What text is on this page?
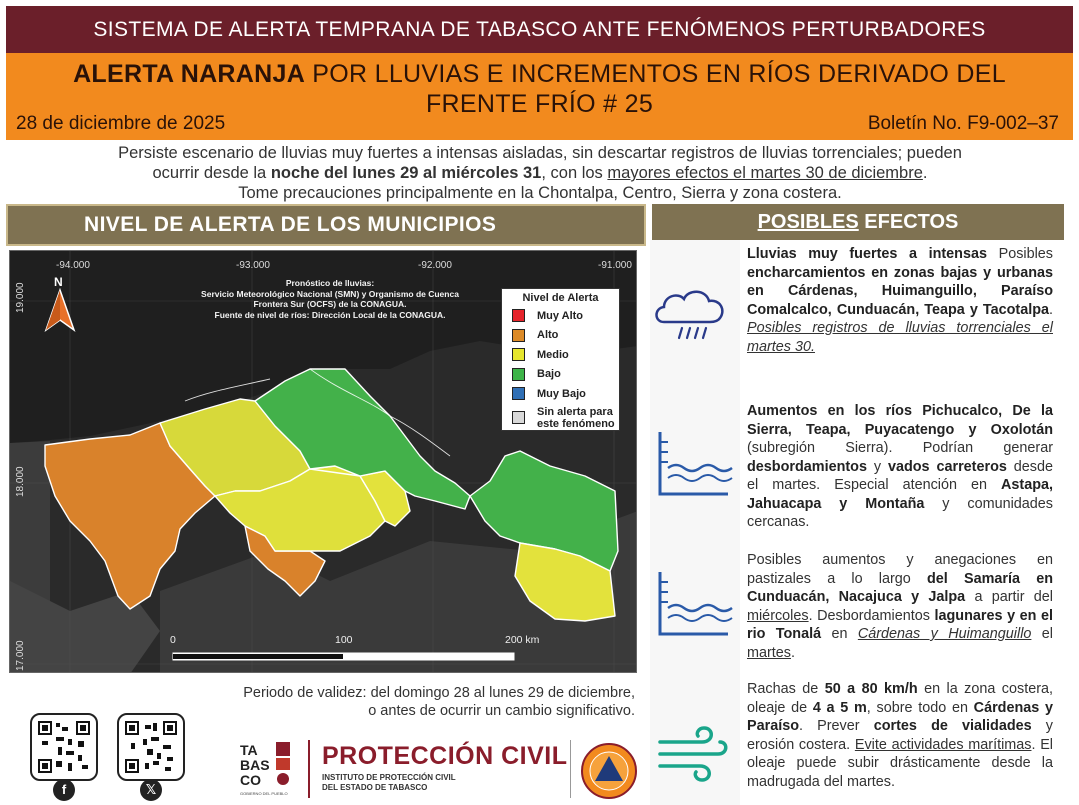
SISTEMA DE ALERTA TEMPRANA DE TABASCO ANTE FENÓMENOS PERTURBADORES
ALERTA NARANJA POR LLUVIAS E INCREMENTOS EN RÍOS DERIVADO DEL
FRENTE FRÍO # 25
28 de diciembre de 2025	Boletín No. F9-002–37
Persiste escenario de lluvias muy fuertes a intensas aisladas, sin descartar registros de lluvias torrenciales; pueden
ocurrir desde la noche del lunes 29 al miércoles 31, con los mayores efectos el martes 30 de diciembre.
Tome precauciones principalmente en la Chontalpa, Centro, Sierra y zona costera.
NIVEL DE ALERTA DE LOS MUNICIPIOS	POSIBLES EFECTOS
-94.000	-93.000	-92.000	-91.000
19.000
18.000
17.000
0	100	200 km
N	Pronóstico de lluvias:
Servicio Meteorológico Nacional (SMN) y Organismo de Cuenca
Frontera Sur (OCFS) de la CONAGUA.
Fuente de nivel de ríos: Dirección Local de la CONAGUA.
Nivel de Alerta
Muy Alto
Alto
Medio
Bajo
Muy Bajo
Sin alerta para
este fenómeno
Periodo de validez: del domingo 28 al lunes 29 de diciembre,
o antes de ocurrir un cambio significativo.
Lluvias muy fuertes a intensas Posibles encharcamientos en zonas bajas y urbanas en Cárdenas, Huimanguillo, Paraíso Comalcalco, Cunduacán, Teapa y Tacotalpa. Posibles registros de lluvias torrenciales el martes 30.
Aumentos en los ríos Pichucalco, De la Sierra, Teapa, Puyacatengo y Oxolotán (subregión Sierra). Podrían generar desbordamientos y vados carreteros desde el martes. Especial atención en Astapa, Jahuacapa y Montaña y comunidades cercanas.
Posibles aumentos y anegaciones en pastizales a lo largo del Samaría en Cunduacán, Nacajuca y Jalpa a partir del miércoles. Desbordamientos lagunares y en el rio Tonalá en Cárdenas y Huimanguillo el martes.
Rachas de 50 a 80 km/h en la zona costera, oleaje de 4 a 5 m, sobre todo en Cárdenas y Paraíso. Prever cortes de vialidades y erosión costera. Evite actividades marítimas. El oleaje puede subir drásticamente desde la madrugada del martes.
f	𝕏
TA
BAS
CO
GOBIERNO DEL PUEBLO
PROTECCIÓN CIVIL
INSTITUTO DE PROTECCIÓN CIVIL
DEL ESTADO DE TABASCO
